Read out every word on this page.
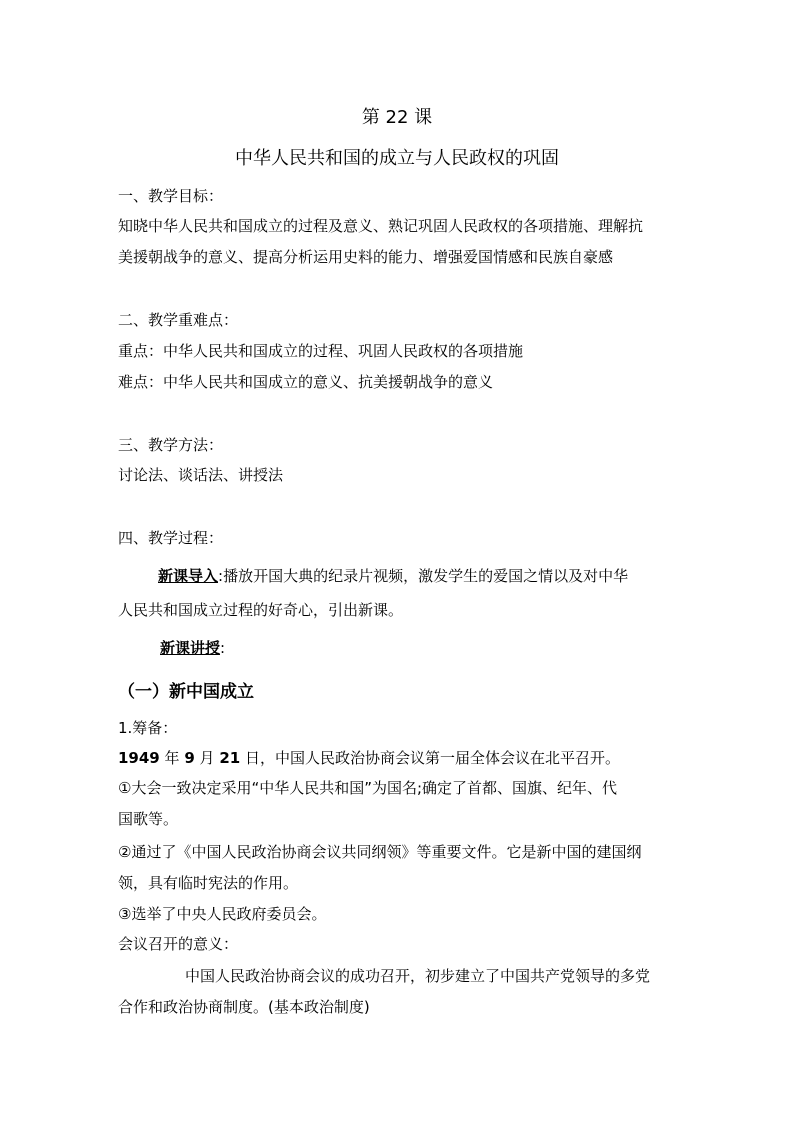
第 22 课
中华人民共和国的成立与人民政权的巩固
一、教学目标：
知晓中华人民共和国成立的过程及意义、熟记巩固人民政权的各项措施、理解抗
美援朝战争的意义、提高分析运用史料的能力、增强爱国情感和民族自豪感
二、教学重难点：
重点：中华人民共和国成立的过程、巩固人民政权的各项措施
难点：中华人民共和国成立的意义、抗美援朝战争的意义
三、教学方法：
讨论法、谈话法、讲授法
四、教学过程：
新课导入:播放开国大典的纪录片视频，激发学生的爱国之情以及对中华
人民共和国成立过程的好奇心，引出新课。
新课讲授:
（一）新中国成立
1.筹备：
1949 年 9 月 21 日，中国人民政治协商会议第一届全体会议在北平召开。
①大会一致决定采用“中华人民共和国”为国名;确定了首都、国旗、纪年、代
国歌等。
②通过了《中国人民政治协商会议共同纲领》等重要文件。它是新中国的建国纲
领，具有临时宪法的作用。
③选举了中央人民政府委员会。
会议召开的意义：
中国人民政治协商会议的成功召开，初步建立了中国共产党领导的多党
合作和政治协商制度。(基本政治制度)
